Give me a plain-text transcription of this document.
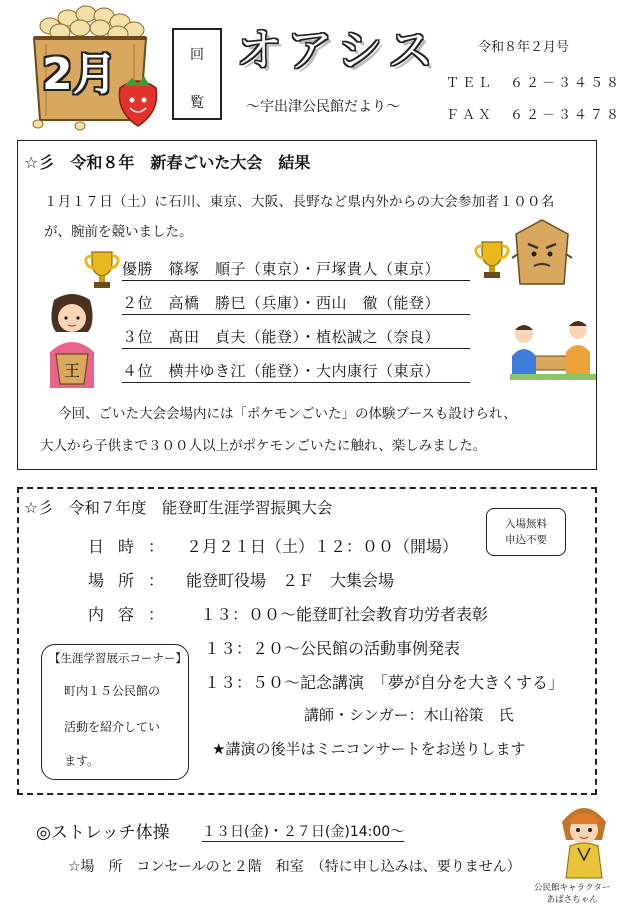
2月	回
覧
オアシス
～宇出津公民館だより～
令和８年２月号
ＴＥＬ　６２－３４５８
ＦＡＸ　６２－３４７８
☆彡　令和８年　新春ごいた大会　結果
１月１７日（土）に石川、東京、大阪、長野など県内外からの大会参加者１００名
が、腕前を競いました。
優勝　篠塚　順子（東京）・戸塚貴人（東京）
２位　高橋　勝巳（兵庫）・西山　徹（能登）
３位　髙田　貞夫（能登）・植松誠之（奈良）
４位　横井ゆき江（能登）・大内康行（東京）
王
今回、ごいた大会会場内には「ポケモンごいた」の体験ブースも設けられ、
大人から子供まで３００人以上がポケモンごいたに触れ、楽しみました。
☆彡　令和７年度　能登町生涯学習振興大会
入場無料
申込不要
日時： ２月２１日（土）１２：００（開場）
場所： 能登町役場　２Ｆ　大集会場
内容： １３：００～能登町社会教育功労者表彰
１３：２０～公民館の活動事例発表
１３：５０～記念講演　「夢が自分を大きくする」
講師・シンガー：木山裕策　氏
★講演の後半はミニコンサートをお送りします
【生涯学習展示コーナー】
町内１５公民館の
活動を紹介してい
ます。
◎ストレッチ体操 １３日(金)・２７日(金)14:00～
☆場　所　コンセールのと２階　和室　（特に申し込みは、要りません）
公民館キャラクター
あばさちゃん
